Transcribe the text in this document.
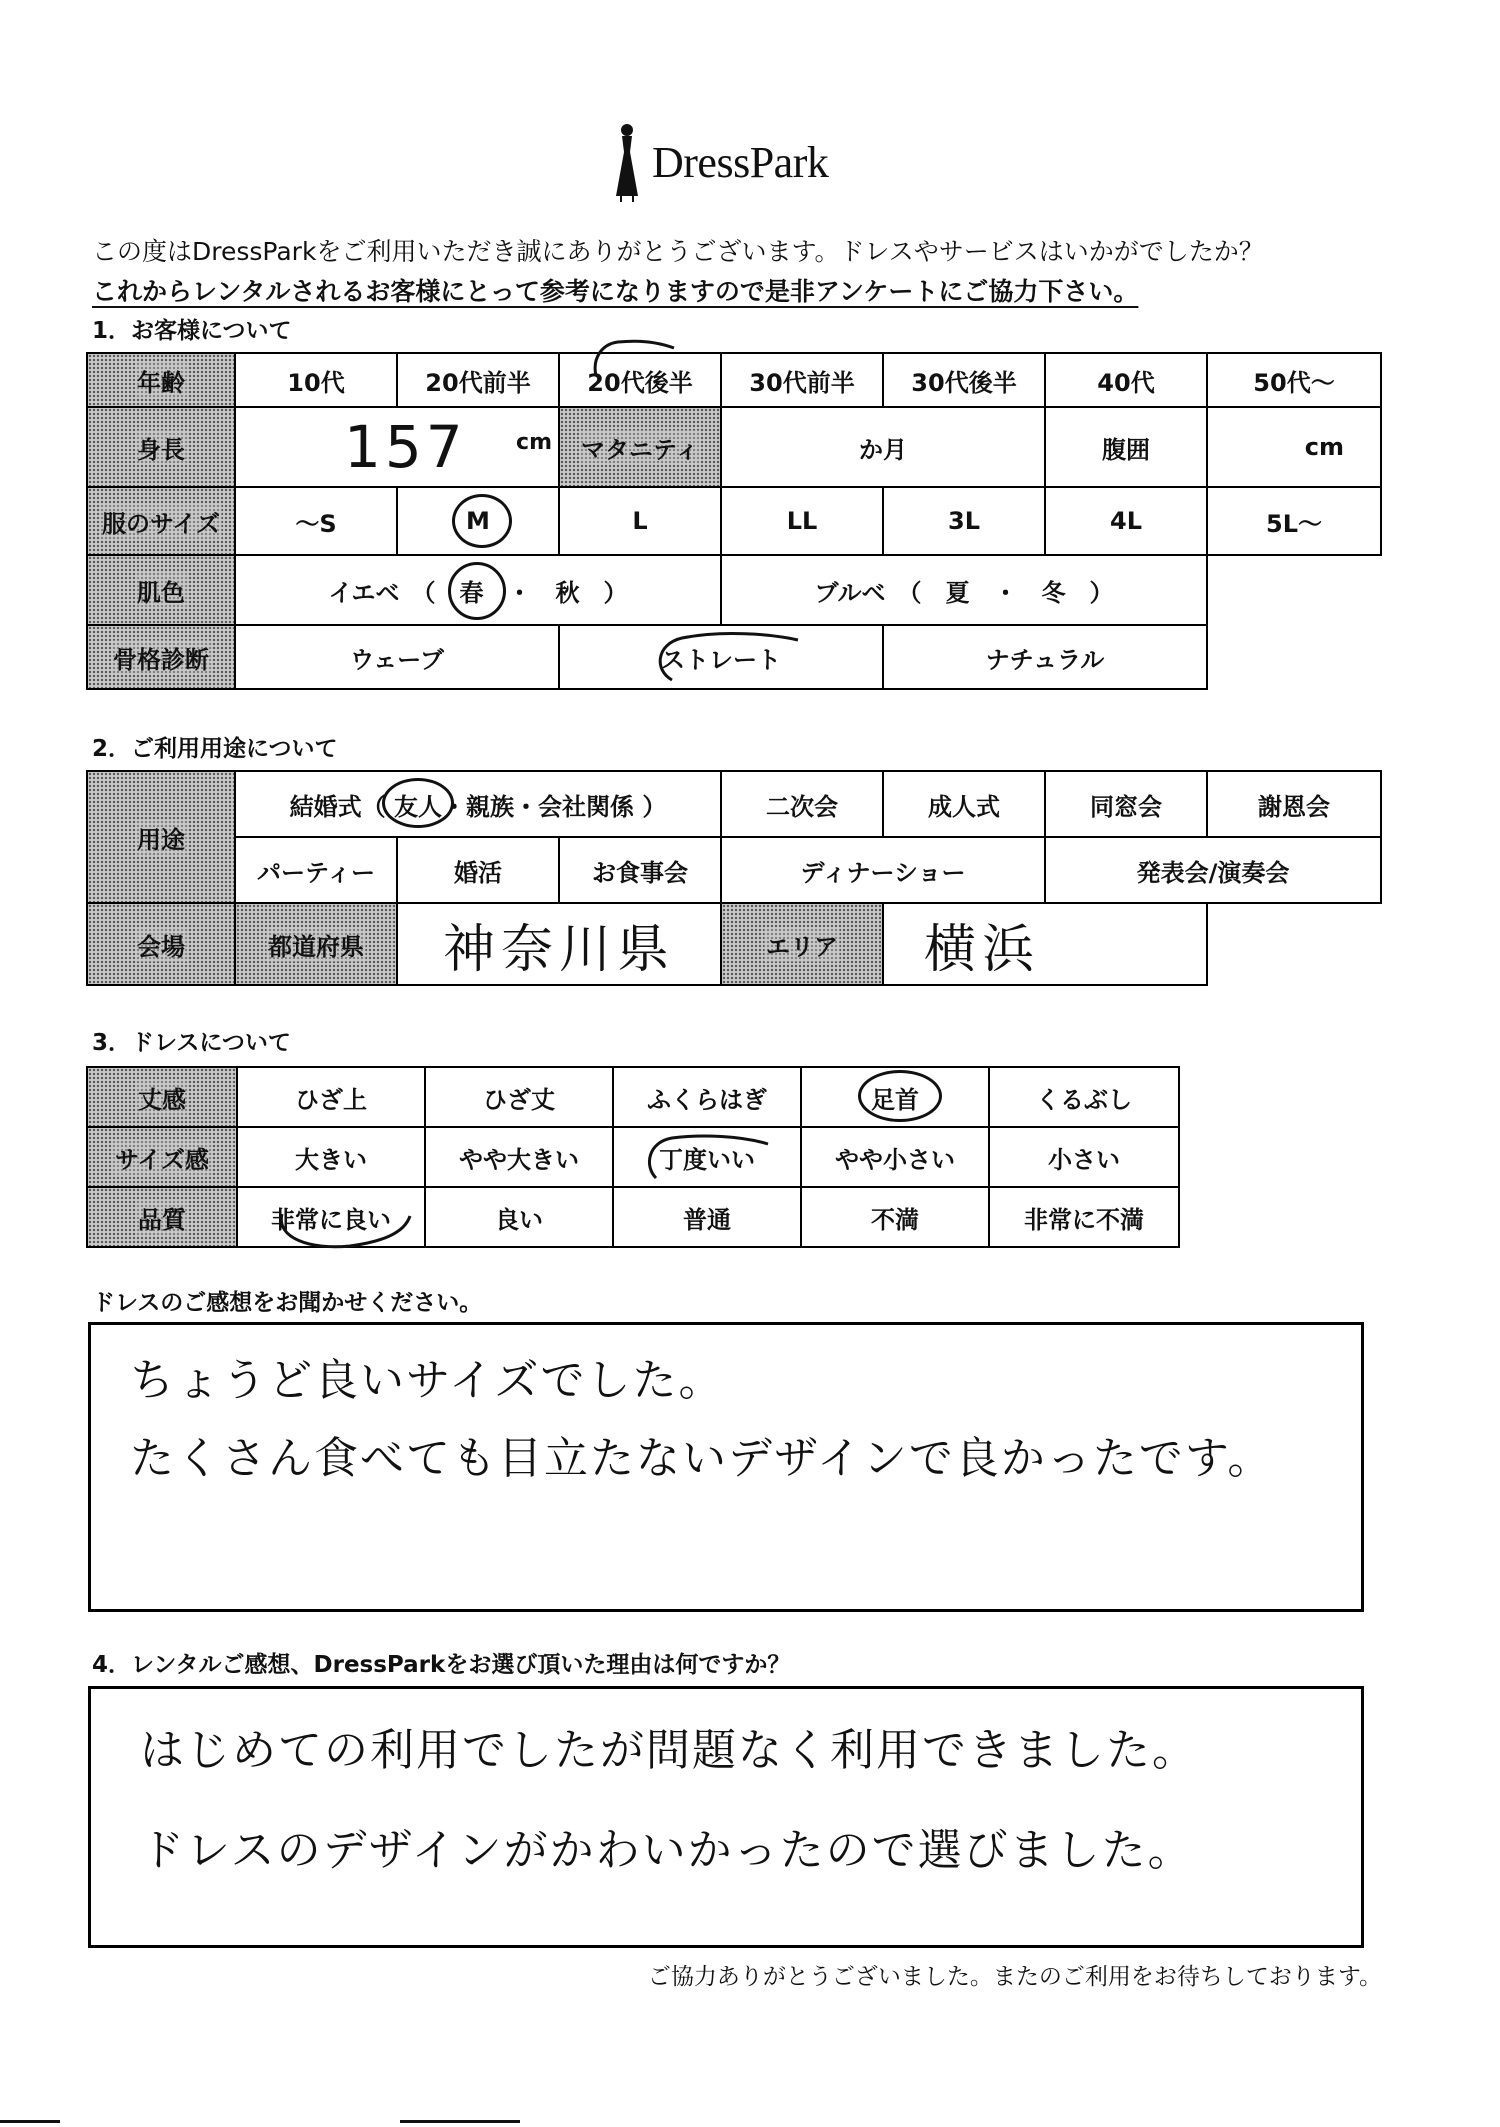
DressPark
この度はDressParkをご利用いただき誠にありがとうございます。ドレスやサービスはいかがでしたか？
これからレンタルされるお客様にとって参考になりますので是非アンケートにご協力下さい。
1．お客様について
年齢	10代	20代前半	20代後半	30代前半	30代後半	40代	50代～
身長	157 cm マタニティ	か月	腹囲	cm
服のサイズ	～S	M	L	LL	3L	4L	5L～
肌色	イエベ　（　春　・　秋　）	ブルベ　（　夏　・　冬　）
骨格診断	ウェーブ	ストレート	ナチュラル
2．ご利用用途について
用途
結婚式（ 友人・親族・会社関係 ）	二次会	成人式	同窓会	謝恩会
パーティー	婚活	お食事会	ディナーショー	発表会/演奏会
会場	都道府県 神奈川県	エリア 横浜
3．ドレスについて
丈感	ひざ上	ひざ丈	ふくらはぎ	足首	くるぶし
サイズ感	大きい	やや大きい	丁度いい	やや小さい	小さい
品質	非常に良い	良い	普通	不満	非常に不満
ドレスのご感想をお聞かせください。
ちょうど良いサイズでした。
たくさん食べても目立たないデザインで良かったです。
4．レンタルご感想、DressParkをお選び頂いた理由は何ですか？
はじめての利用でしたが問題なく利用できました。
ドレスのデザインがかわいかったので選びました。
ご協力ありがとうございました。またのご利用をお待ちしております。
